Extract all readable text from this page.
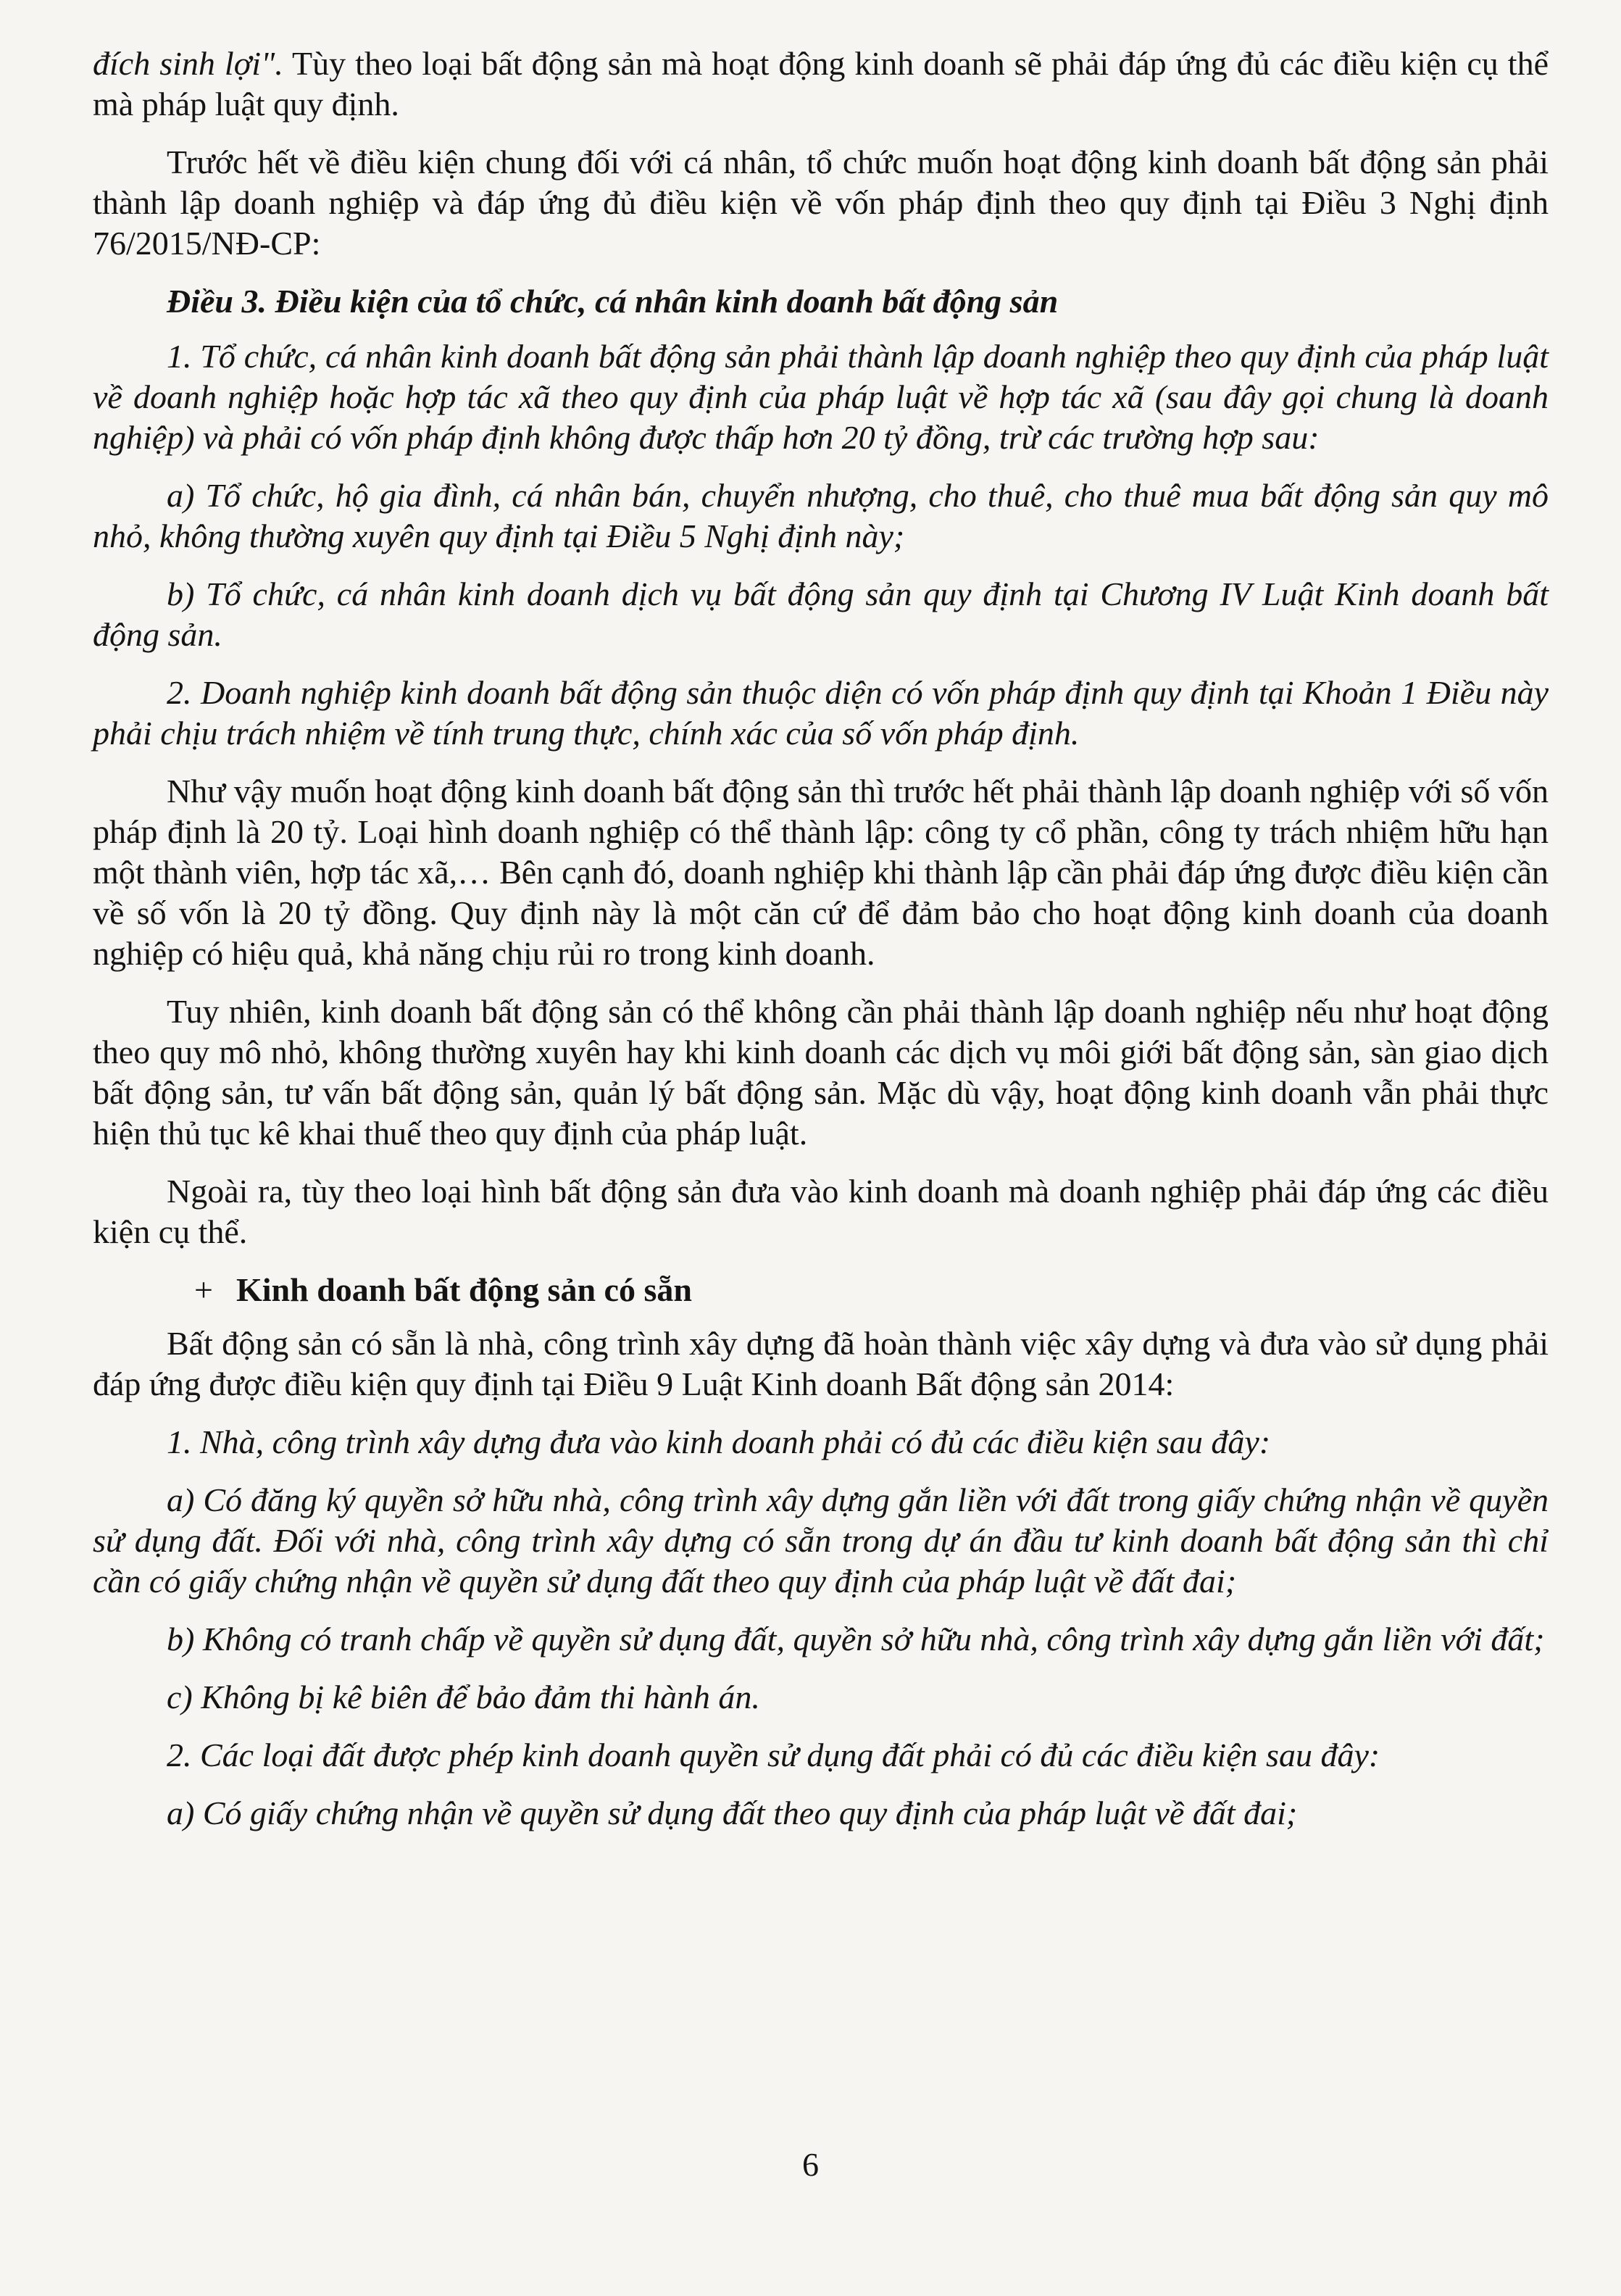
đích sinh lợi". Tùy theo loại bất động sản mà hoạt động kinh doanh sẽ phải đáp ứng đủ các điều kiện cụ thể mà pháp luật quy định.

Trước hết về điều kiện chung đối với cá nhân, tổ chức muốn hoạt động kinh doanh bất động sản phải thành lập doanh nghiệp và đáp ứng đủ điều kiện về vốn pháp định theo quy định tại Điều 3 Nghị định 76/2015/NĐ-CP:

Điều 3. Điều kiện của tổ chức, cá nhân kinh doanh bất động sản

1. Tổ chức, cá nhân kinh doanh bất động sản phải thành lập doanh nghiệp theo quy định của pháp luật về doanh nghiệp hoặc hợp tác xã theo quy định của pháp luật về hợp tác xã (sau đây gọi chung là doanh nghiệp) và phải có vốn pháp định không được thấp hơn 20 tỷ đồng, trừ các trường hợp sau:

a) Tổ chức, hộ gia đình, cá nhân bán, chuyển nhượng, cho thuê, cho thuê mua bất động sản quy mô nhỏ, không thường xuyên quy định tại Điều 5 Nghị định này;

b) Tổ chức, cá nhân kinh doanh dịch vụ bất động sản quy định tại Chương IV Luật Kinh doanh bất động sản.

2. Doanh nghiệp kinh doanh bất động sản thuộc diện có vốn pháp định quy định tại Khoản 1 Điều này phải chịu trách nhiệm về tính trung thực, chính xác của số vốn pháp định.

Như vậy muốn hoạt động kinh doanh bất động sản thì trước hết phải thành lập doanh nghiệp với số vốn pháp định là 20 tỷ. Loại hình doanh nghiệp có thể thành lập: công ty cổ phần, công ty trách nhiệm hữu hạn một thành viên, hợp tác xã,… Bên cạnh đó, doanh nghiệp khi thành lập cần phải đáp ứng được điều kiện cần về số vốn là 20 tỷ đồng. Quy định này là một căn cứ để đảm bảo cho hoạt động kinh doanh của doanh nghiệp có hiệu quả, khả năng chịu rủi ro trong kinh doanh.

Tuy nhiên, kinh doanh bất động sản có thể không cần phải thành lập doanh nghiệp nếu như hoạt động theo quy mô nhỏ, không thường xuyên hay khi kinh doanh các dịch vụ môi giới bất động sản, sàn giao dịch bất động sản, tư vấn bất động sản, quản lý bất động sản. Mặc dù vậy, hoạt động kinh doanh vẫn phải thực hiện thủ tục kê khai thuế theo quy định của pháp luật.

Ngoài ra, tùy theo loại hình bất động sản đưa vào kinh doanh mà doanh nghiệp phải đáp ứng các điều kiện cụ thể.

+ Kinh doanh bất động sản có sẵn

Bất động sản có sẵn là nhà, công trình xây dựng đã hoàn thành việc xây dựng và đưa vào sử dụng phải đáp ứng được điều kiện quy định tại Điều 9 Luật Kinh doanh Bất động sản 2014:

1. Nhà, công trình xây dựng đưa vào kinh doanh phải có đủ các điều kiện sau đây:

a) Có đăng ký quyền sở hữu nhà, công trình xây dựng gắn liền với đất trong giấy chứng nhận về quyền sử dụng đất. Đối với nhà, công trình xây dựng có sẵn trong dự án đầu tư kinh doanh bất động sản thì chỉ cần có giấy chứng nhận về quyền sử dụng đất theo quy định của pháp luật về đất đai;

b) Không có tranh chấp về quyền sử dụng đất, quyền sở hữu nhà, công trình xây dựng gắn liền với đất;

c) Không bị kê biên để bảo đảm thi hành án.

2. Các loại đất được phép kinh doanh quyền sử dụng đất phải có đủ các điều kiện sau đây:

a) Có giấy chứng nhận về quyền sử dụng đất theo quy định của pháp luật về đất đai;

6
